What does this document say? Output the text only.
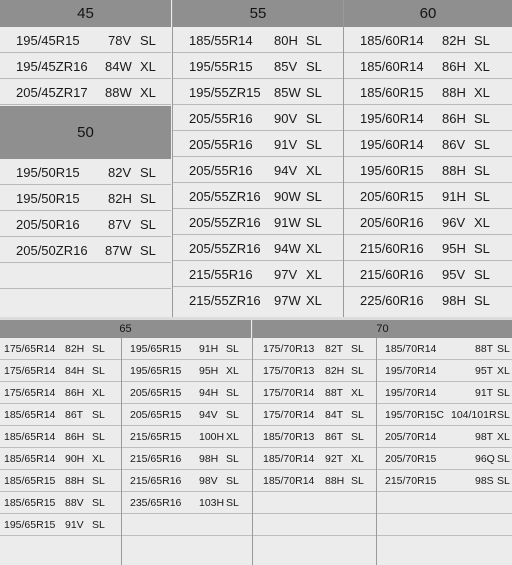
45
195/45R15 78V SL
195/45ZR16 84W XL
205/45ZR17 88W XL
50
195/50R15 82V SL
195/50R15 82H SL
205/50R16 87V SL
205/50ZR16 87W SL
55
185/55R14 80H SL
195/55R15 85V SL
195/55ZR15 85W SL
205/55R16 90V SL
205/55R16 91V SL
205/55R16 94V XL
205/55ZR16 90W SL
205/55ZR16 91W SL
205/55ZR16 94W XL
215/55R16 97V XL
215/55ZR16 97W XL
60
185/60R14 82H SL
185/60R14 86H XL
185/60R15 88H XL
195/60R14 86H SL
195/60R14 86V SL
195/60R15 88H SL
205/60R15 91H SL
205/60R16 96V XL
215/60R16 95H SL
215/60R16 95V SL
225/60R16 98H SL
65	70
175/65R14 82H SL
175/65R14 84H SL
175/65R14 86H XL
185/65R14 86T SL
185/65R14 86H SL
185/65R14 90H XL
185/65R15 88H SL
185/65R15 88V SL
195/65R15 91V SL
195/65R15 91H SL
195/65R15 95H XL
205/65R15 94H SL
205/65R15 94V SL
215/65R15 100H XL
215/65R16 98H SL
215/65R16 98V SL
235/65R16 103H SL
175/70R13 82T SL
175/70R13 82H SL
175/70R14 88T XL
175/70R14 84T SL
185/70R13 86T SL
185/70R14 92T XL
185/70R14 88H SL
185/70R14	88T SL
195/70R14	95T XL
195/70R14	91T SL
195/70R15C 104/101R SL
205/70R14	98T XL
205/70R15	96Q SL
215/70R15	98S SL
